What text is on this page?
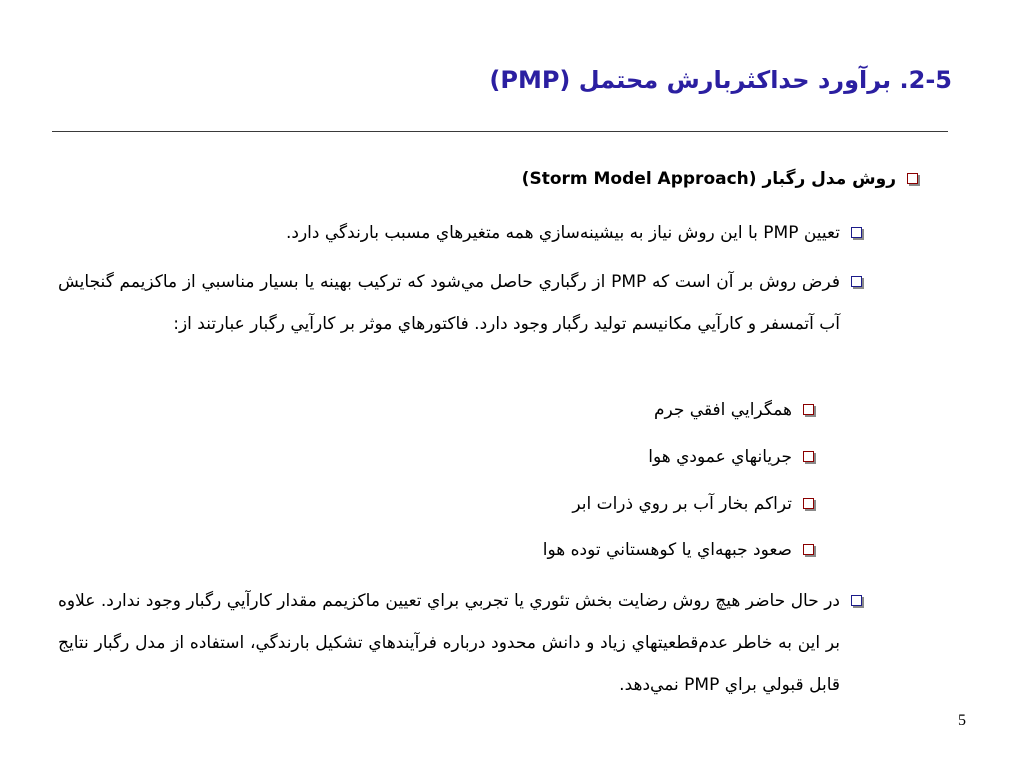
2-5. برآورد حداكثربارش محتمل (PMP)
روش مدل رگبار (Storm Model Approach)
تعيين PMP با اين روش نياز به بيشينه‌سازي همه متغيرهاي مسبب بارندگي دارد.
فرض روش بر آن است كه PMP از رگباري حاصل مي‌شود كه تركيب بهينه يا بسيار مناسبي از ماكزيمم گنجايش آب آتمسفر و كارآيي مكانيسم توليد رگبار وجود دارد. فاكتورهاي موثر بر كارآيي رگبار عبارتند از:
همگرايي افقي جرم
جريانهاي عمودي هوا
تراكم بخار آب بر روي ذرات ابر
صعود جبهه‌اي يا كوهستاني توده هوا
در حال حاضر هيچ روش رضايت بخش تئوري يا تجربي براي تعيين ماكزيمم مقدار كارآيي رگبار وجود ندارد. علاوه بر اين به خاطر عدم‌قطعيتهاي زياد و دانش محدود درباره فرآيندهاي تشكيل بارندگي، استفاده از مدل رگبار نتايج قابل قبولي براي PMP نمي‌دهد.
5
